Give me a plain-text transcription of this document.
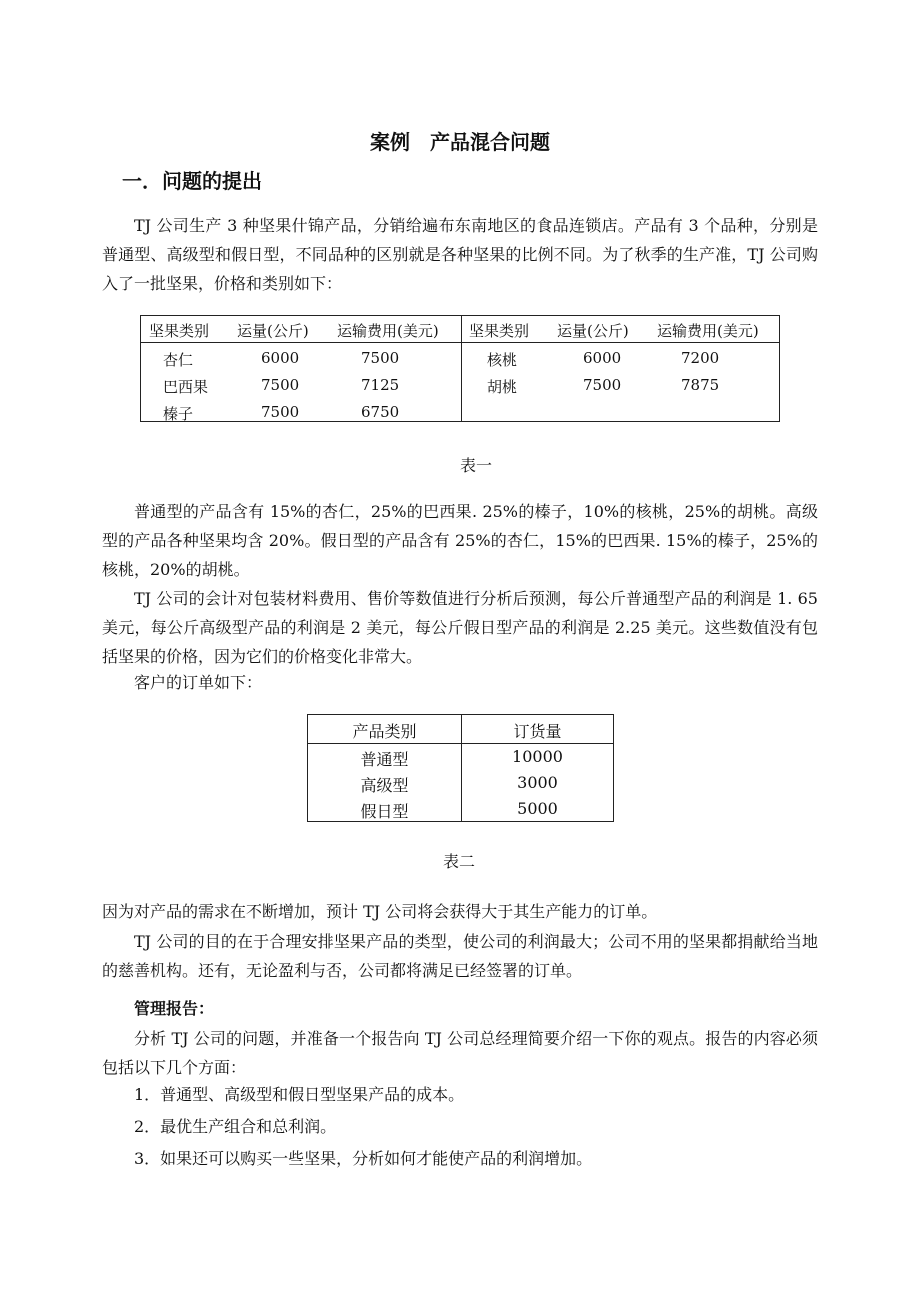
案例　产品混合问题
一．问题的提出
TJ 公司生产 3 种坚果什锦产品，分销给遍布东南地区的食品连锁店。产品有 3 个品种，分别是普通型、高级型和假日型，不同品种的区别就是各种坚果的比例不同。为了秋季的生产准，TJ 公司购入了一批坚果，价格和类别如下：
坚果类别 运量(公斤) 运输费用(美元) 坚果类别 运量(公斤) 运输费用(美元)
杏仁	6000	7500
巴西果	7500	7125
榛子	7500	6750
核桃	6000	7200
胡桃	7500	7875
表一
普通型的产品含有 15%的杏仁，25%的巴西果. 25%的榛子，10%的核桃，25%的胡桃。高级型的产品各种坚果均含 20%。假日型的产品含有 25%的杏仁，15%的巴西果. 15%的榛子，25%的核桃，20%的胡桃。
TJ 公司的会计对包装材料费用、售价等数值进行分析后预测，每公斤普通型产品的利润是 1. 65 美元，每公斤高级型产品的利润是 2 美元，每公斤假日型产品的利润是 2.25 美元。这些数值没有包括坚果的价格，因为它们的价格变化非常大。
客户的订单如下：
产品类别	订货量
普通型	10000
高级型	3000
假日型	5000
表二
因为对产品的需求在不断增加，预计 TJ 公司将会获得大于其生产能力的订单。
TJ 公司的目的在于合理安排坚果产品的类型，使公司的利润最大；公司不用的坚果都捐献给当地的慈善机构。还有，无论盈利与否，公司都将满足已经签署的订单。
管理报告：
分析 TJ 公司的问题，并准备一个报告向 TJ 公司总经理简要介绍一下你的观点。报告的内容必须包括以下几个方面：
1．普通型、高级型和假日型坚果产品的成本。
2．最优生产组合和总利润。
3．如果还可以购买一些坚果，分析如何才能使产品的利润增加。
